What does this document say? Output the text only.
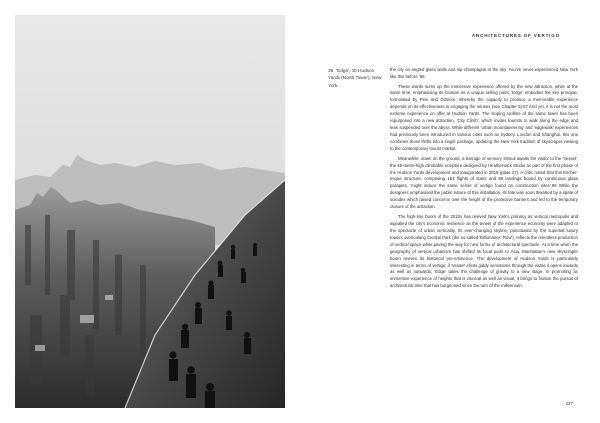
ARCHITECTURES OF VERTIGO
36 'Edge', 30 Hudson Yards (North Tower), New York.

the city on angled glass walls and sip champagne in the sky. You've never experienced New York like this before.'98

These words sums up the immersive experience offered by the new attraction, while at the same time, emphasising its location as a unique selling point. 'Edge' embodies the key principle, formulated by Pine and Gilmore, whereby the capacity to produce a memorable experience depends on its effectiveness in engaging the senses (see Chapter 5).97 And yet, it is not the most extreme experience on offer at Hudson Yards. The sloping roofline of the same tower has been repurposed into a new attraction, 'City Climb', which invites tourists to walk along the edge and lean suspended over the abyss. While different 'urban mountaineering' and 'edgewalk' experiences had previously been introduced in various cities such as Sydney, London and Shanghai, this one combines those thrills into a single package, updating the New York tradition of skyscraper viewing to the contemporary tourist market.

Meanwhile, down on the ground, a barrage of sensory stimuli awaits the visitor to the 'Vessel', the 45-metre-high climbable sculpture designed by Heatherwick Studio as part of the first phase of the Hudson Yards development and inaugurated in 2019 (plate 27). A critic noted that this Escher-esque structure, comprising 154 flights of stairs and 80 landings bound by continuous glass parapets, 'might induce the same sense of vertigo found on construction sites'.98 While the designers emphasised the public nature of this installation, its fate was soon thwarted by a spate of suicides which raised concerns over the height of the protective barriers and led to the temporary closure of the attraction.

The high-rise boom of the 2010s has revived New York's primacy as vertical metropolis and signalled the city's economic resilience as the tenets of the experience economy were adapted to the spectacle of urban verticality. Its ever-changing skyline, punctuated by the supertall luxury towers overlooking Central Park (the so-called 'Billionaires' Row'), reflects the relentless production of vertical space while paving the way for new forms of architectural spectacle. At a time when the geography of vertical urbanism has shifted its focal point to Asia, Manhattan's new skyscraper boom revives its historical pre-eminence. The development of Hudson Yards is particularly interesting in terms of vertigo: if 'Vessel' elicits giddy sensations through the vistas it opens inwards as well as outwards, 'Edge' takes the challenge of gravity to a new stage. In promoting an immersive experience of heights that is visceral as well as visual, it brings to fruition the pursuit of architectural time that has burgeoned since the turn of the millennium.

227
